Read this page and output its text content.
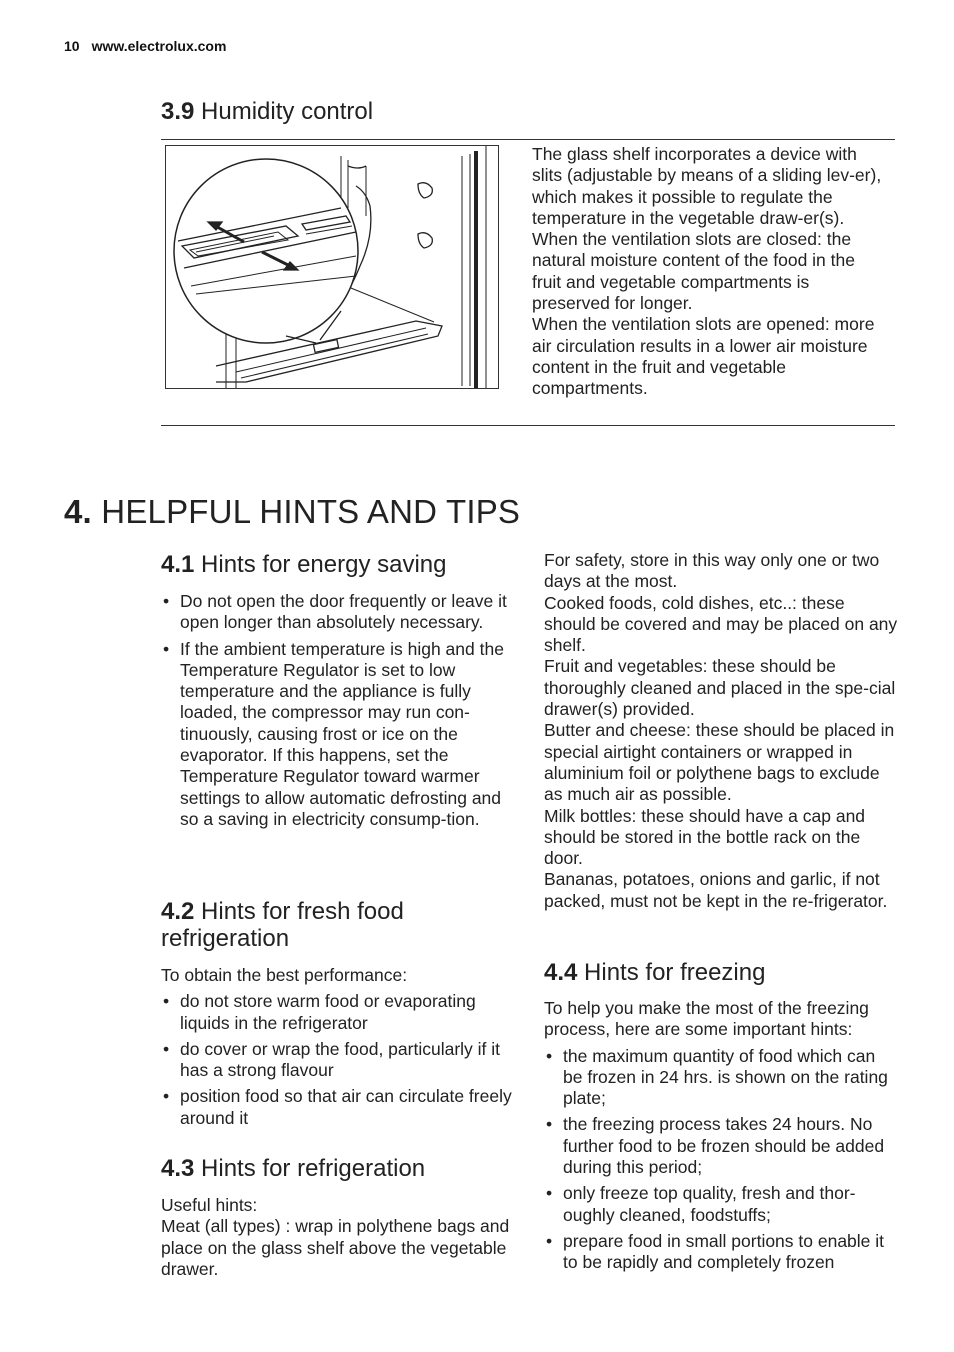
10 www.electrolux.com
3.9 Humidity control

The glass shelf incorporates a device with slits (adjustable by means of a sliding lev-er), which makes it possible to regulate the temperature in the vegetable draw-er(s).

When the ventilation slots are closed: the natural moisture content of the food in the fruit and vegetable compartments is preserved for longer.

When the ventilation slots are opened: more air circulation results in a lower air moisture content in the fruit and vegetable compartments.

4. HELPFUL HINTS AND TIPS
4.1 Hints for energy saving
• Do not open the door frequently or leave it open longer than absolutely necessary.
• If the ambient temperature is high and the Temperature Regulator is set to low temperature and the appliance is fully loaded, the compressor may run con-tinuously, causing frost or ice on the evaporator. If this happens, set the Temperature Regulator toward warmer settings to allow automatic defrosting and so a saving in electricity consump-tion.
4.2 Hints for fresh food
refrigeration

To obtain the best performance:

• do not store warm food or evaporating liquids in the refrigerator
• do cover or wrap the food, particularly if it has a strong flavour
• position food so that air can circulate freely around it
4.3 Hints for refrigeration

Useful hints:

Meat (all types) : wrap in polythene bags and place on the glass shelf above the vegetable drawer.

For safety, store in this way only one or two days at the most.

Cooked foods, cold dishes, etc..: these should be covered and may be placed on any shelf.

Fruit and vegetables: these should be thoroughly cleaned and placed in the spe-cial drawer(s) provided.

Butter and cheese: these should be placed in special airtight containers or wrapped in aluminium foil or polythene bags to exclude as much air as possible.

Milk bottles: these should have a cap and should be stored in the bottle rack on the door.

Bananas, potatoes, onions and garlic, if not packed, must not be kept in the re-frigerator.

4.4 Hints for freezing

To help you make the most of the freezing process, here are some important hints:

• the maximum quantity of food which can be frozen in 24 hrs. is shown on the rating plate;
• the freezing process takes 24 hours. No further food to be frozen should be added during this period;
• only freeze top quality, fresh and thor-oughly cleaned, foodstuffs;
• prepare food in small portions to enable it to be rapidly and completely frozen
